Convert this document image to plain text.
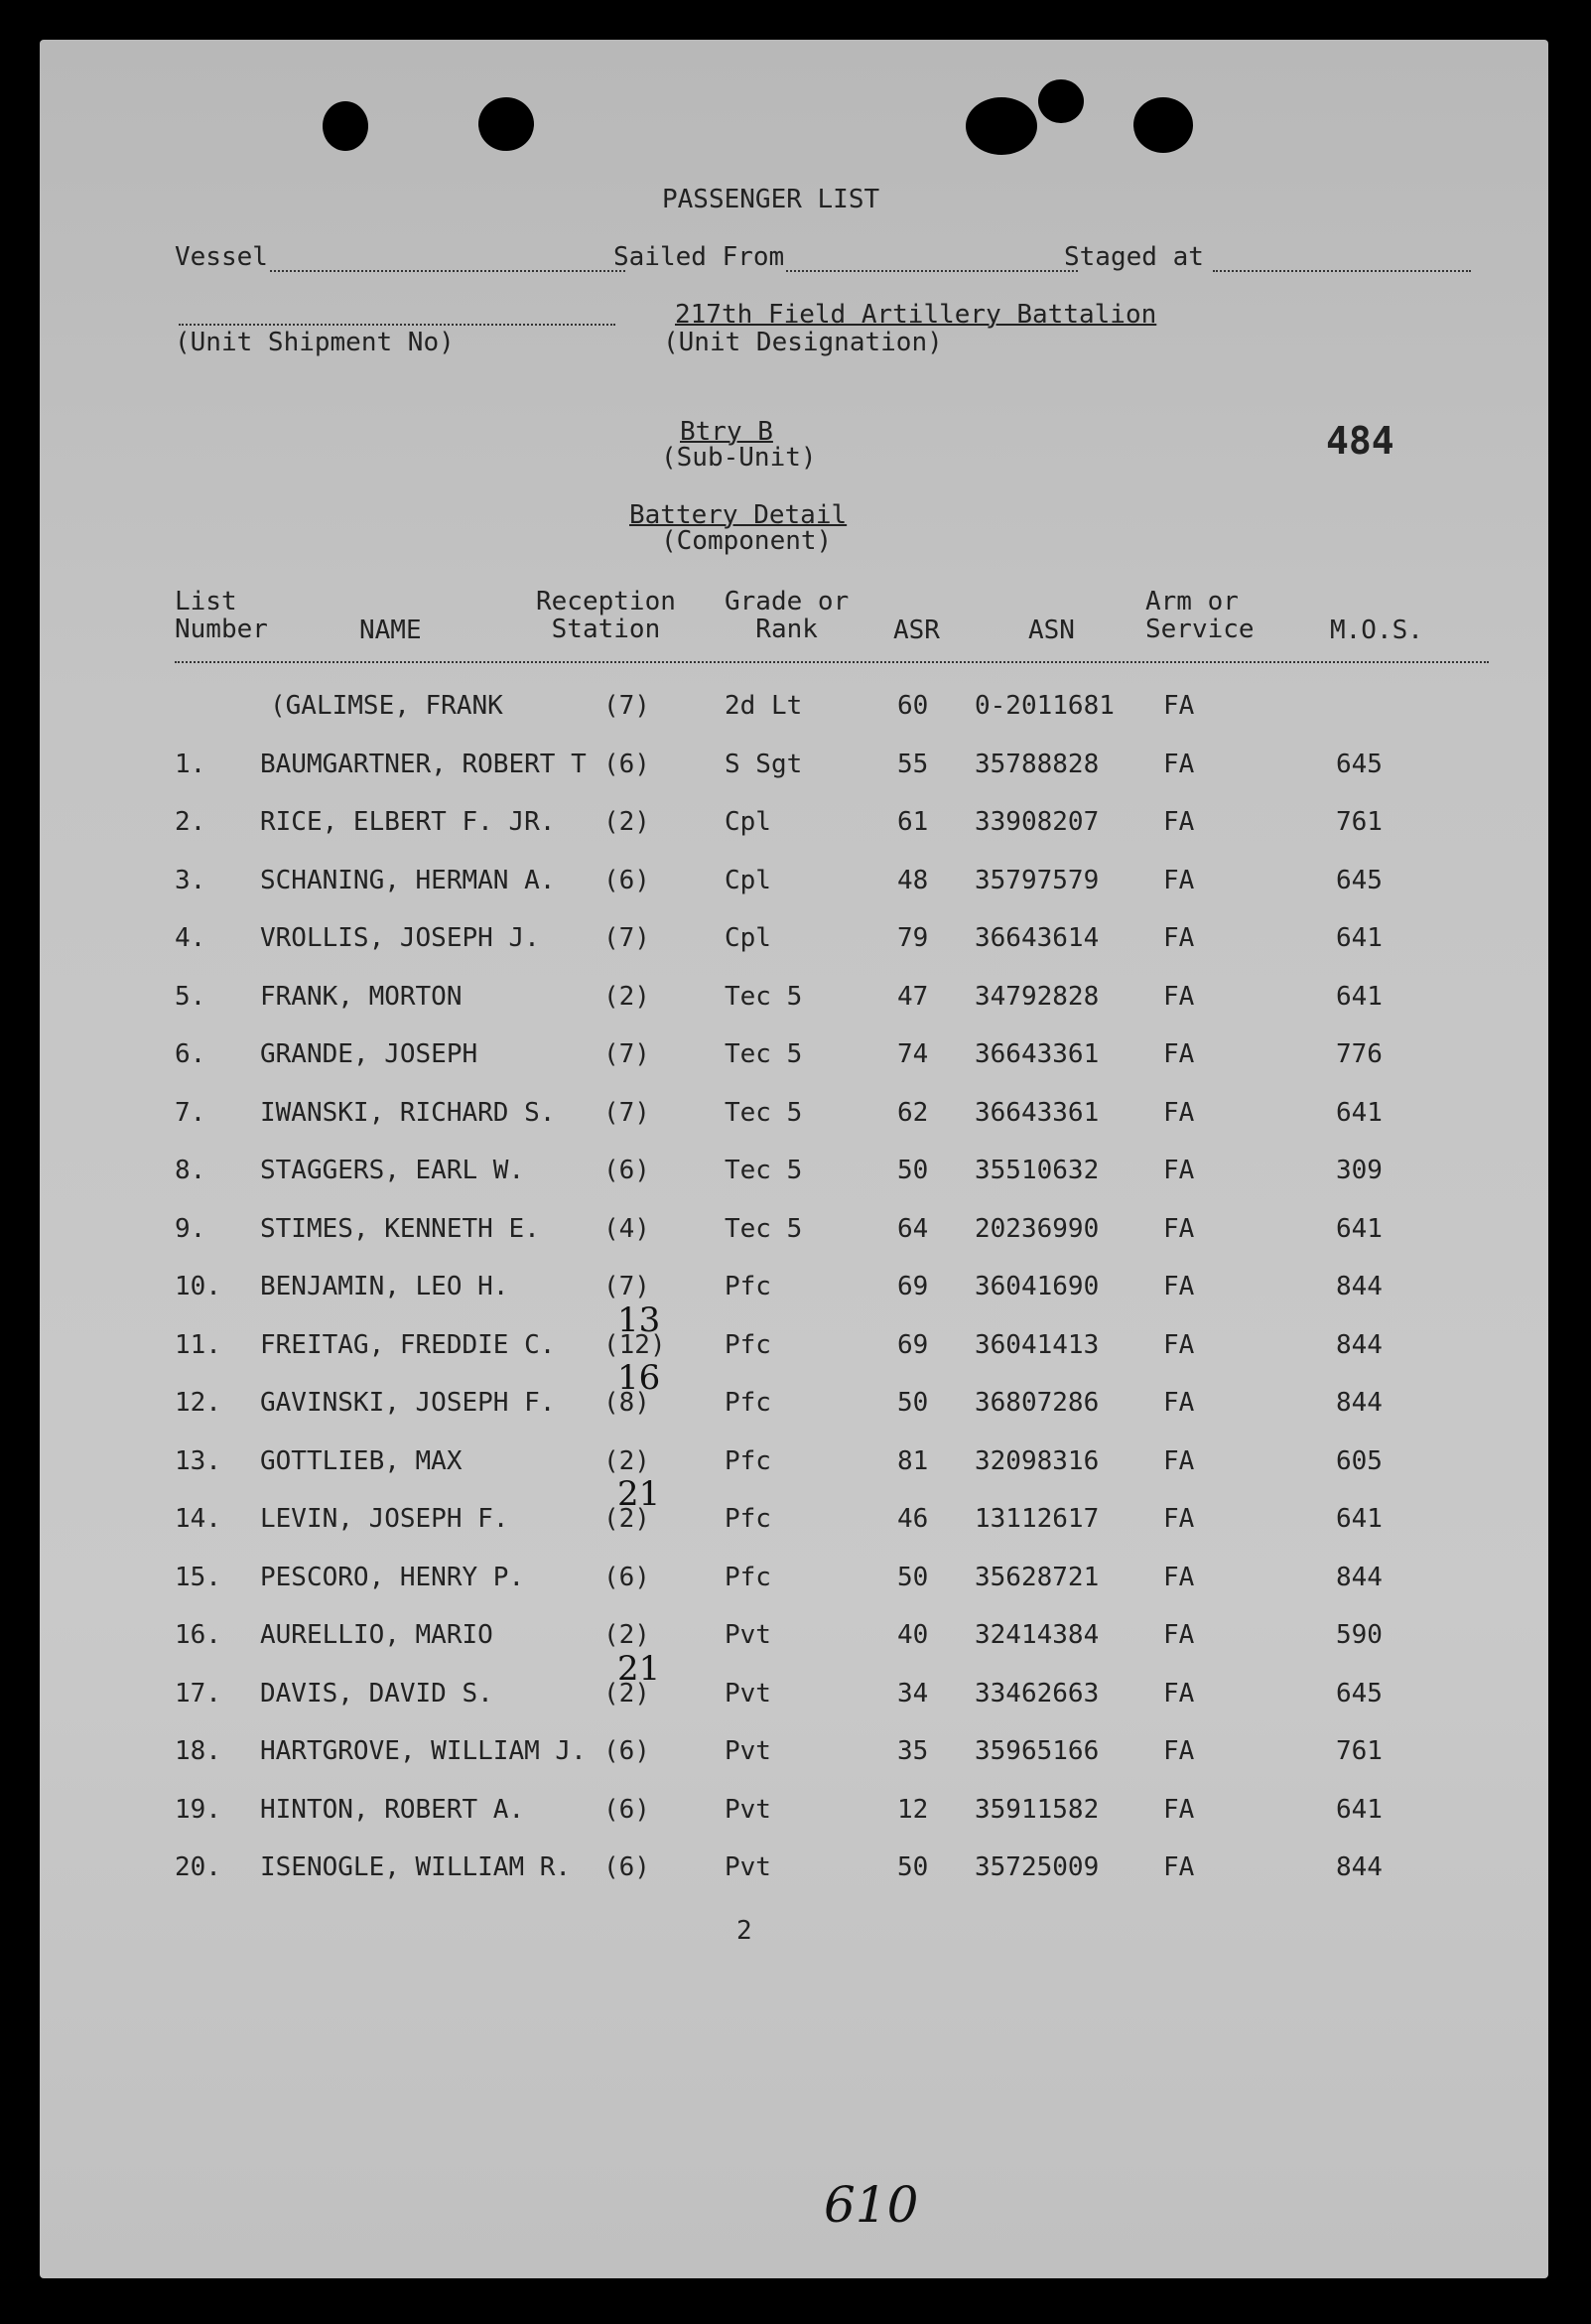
PASSENGER LIST
Vessel	Sailed From	Staged at
217th Field Artillery Battalion
(Unit Shipment No)	(Unit Designation)
Btry B
(Sub-Unit)	484
Battery Detail
(Component)
List
Number	NAME
Reception
Station
Grade or
Rank	ASR	ASN
Arm or
Service	M.O.S.
(GALIMSE, FRANK	(7)	2d Lt	60 0-2011681 FA
1. BAUMGARTNER, ROBERT T (6)	S Sgt	55 35788828 FA	645
2. RICE, ELBERT F. JR. (2)	Cpl	61 33908207 FA	761
3. SCHANING, HERMAN A. (6)	Cpl	48 35797579 FA	645
4. VROLLIS, JOSEPH J. (7)	Cpl	79 36643614 FA	641
5. FRANK, MORTON	(2)	Tec 5	47 34792828 FA	641
6. GRANDE, JOSEPH	(7)	Tec 5	74 36643361 FA	776
7. IWANSKI, RICHARD S. (7)	Tec 5	62 36643361 FA	641
8. STAGGERS, EARL W.	(6)	Tec 5	50 35510632 FA	309
9. STIMES, KENNETH E. (4)	Tec 5	64 20236990 FA	641
10. BENJAMIN, LEO H.	(7)	Pfc	69 36041690 FA	844
11. FREITAG, FREDDIE C. (12) Pfc	69 36041413 FA	844
13
12. GAVINSKI, JOSEPH F. (8)	Pfc	50 36807286 FA	844
16
13. GOTTLIEB, MAX	(2)	Pfc	81 32098316 FA	605
14. LEVIN, JOSEPH F.	(2)	Pfc	46 13112617 FA	641
21
15. PESCORO, HENRY P.	(6)	Pfc	50 35628721 FA	844
16. AURELLIO, MARIO	(2)	Pvt	40 32414384 FA	590
17. DAVIS, DAVID S.	(2)	Pvt	34 33462663 FA	645
21
18. HARTGROVE, WILLIAM J. (6)	Pvt	35 35965166 FA	761
19. HINTON, ROBERT A.	(6)	Pvt	12 35911582 FA	641
20. ISENOGLE, WILLIAM R. (6)	Pvt	50 35725009 FA	844
2
610
